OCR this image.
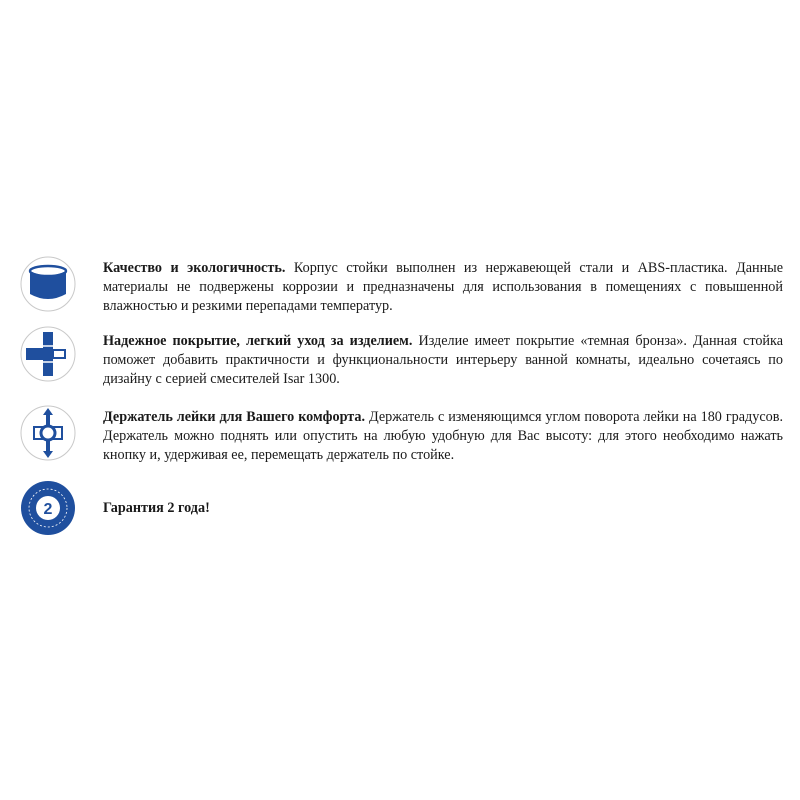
Качество и экологичность. Корпус стойки выполнен из нержавеющей стали и ABS-пластика. Данные материалы не подвержены коррозии и предназначены для использования в помещениях с повышенной влажностью и резкими перепадами температур.

Надежное покрытие, легкий уход за изделием. Изделие имеет покрытие «темная бронза». Данная стойка поможет добавить практичности и функциональности интерьеру ванной комнаты, идеально сочетаясь по дизайну с серией смесителей Isar 1300.

Держатель лейки для Вашего комфорта. Держатель с изменяющимся углом поворота лейки на 180 градусов. Держатель можно поднять или опустить на любую удобную для Вас высоту: для этого необходимо нажать кнопку и, удерживая ее, перемещать держатель по стойке.

2	Гарантия 2 года!
